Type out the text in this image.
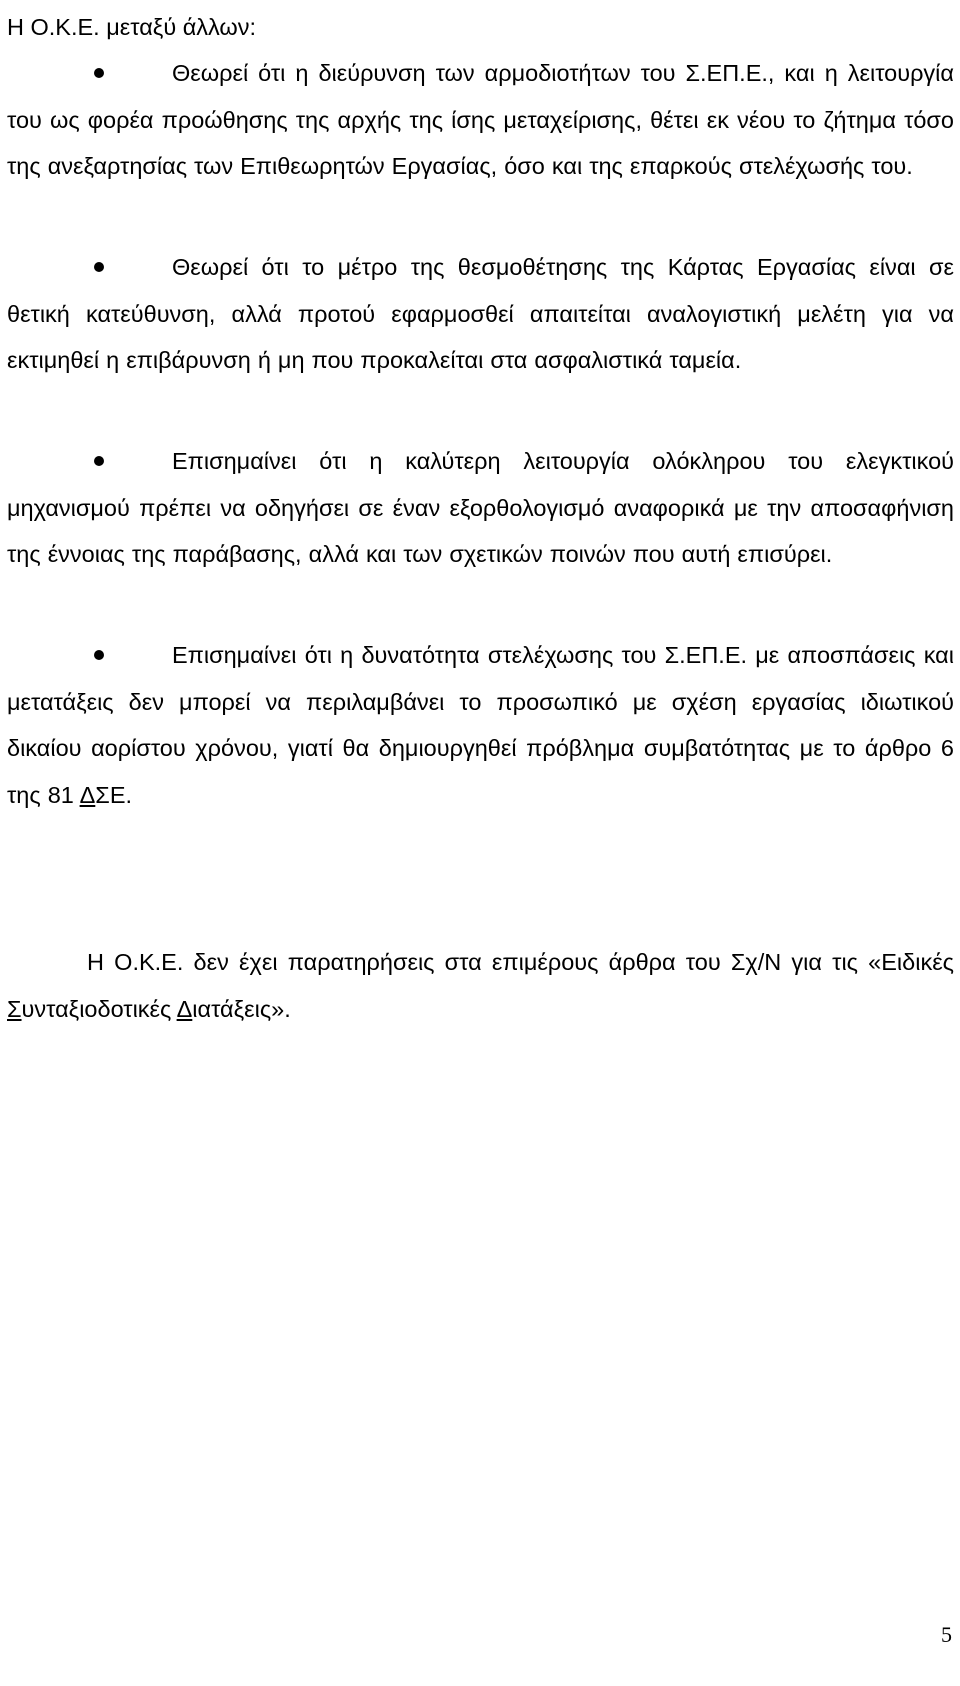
Η Ο.Κ.Ε. μεταξύ άλλων:

Θεωρεί ότι η διεύρυνση των αρμοδιοτήτων του Σ.ΕΠ.Ε., και η λειτουργία του ως φορέα προώθησης της αρχής της ίσης μεταχείρισης, θέτει εκ νέου το ζήτημα τόσο της ανεξαρτησίας των Επιθεωρητών Εργασίας, όσο και της επαρκούς στελέχωσής του.

Θεωρεί ότι το μέτρο της θεσμοθέτησης της Κάρτας Εργασίας είναι σε θετική κατεύθυνση, αλλά προτού εφαρμοσθεί απαιτείται αναλογιστική μελέτη για να εκτιμηθεί η επιβάρυνση ή μη που προκαλείται στα ασφαλιστικά ταμεία.

Επισημαίνει ότι η καλύτερη λειτουργία ολόκληρου του ελεγκτικού μηχανισμού πρέπει να οδηγήσει σε έναν εξορθολογισμό αναφορικά με την αποσαφήνιση της έννοιας της παράβασης, αλλά και των σχετικών ποινών που αυτή επισύρει.

Επισημαίνει ότι η δυνατότητα στελέχωσης του Σ.ΕΠ.Ε. με αποσπάσεις και μετατάξεις δεν μπορεί να περιλαμβάνει το προσωπικό με σχέση εργασίας ιδιωτικού δικαίου αορίστου χρόνου, γιατί θα δημιουργηθεί πρόβλημα συμβατότητας με το άρθρο 6 της 81 ΔΣΕ.

Η Ο.Κ.Ε. δεν έχει παρατηρήσεις στα επιμέρους άρθρα του Σχ/Ν για τις «Ειδικές Συνταξιοδοτικές Διατάξεις».

5
